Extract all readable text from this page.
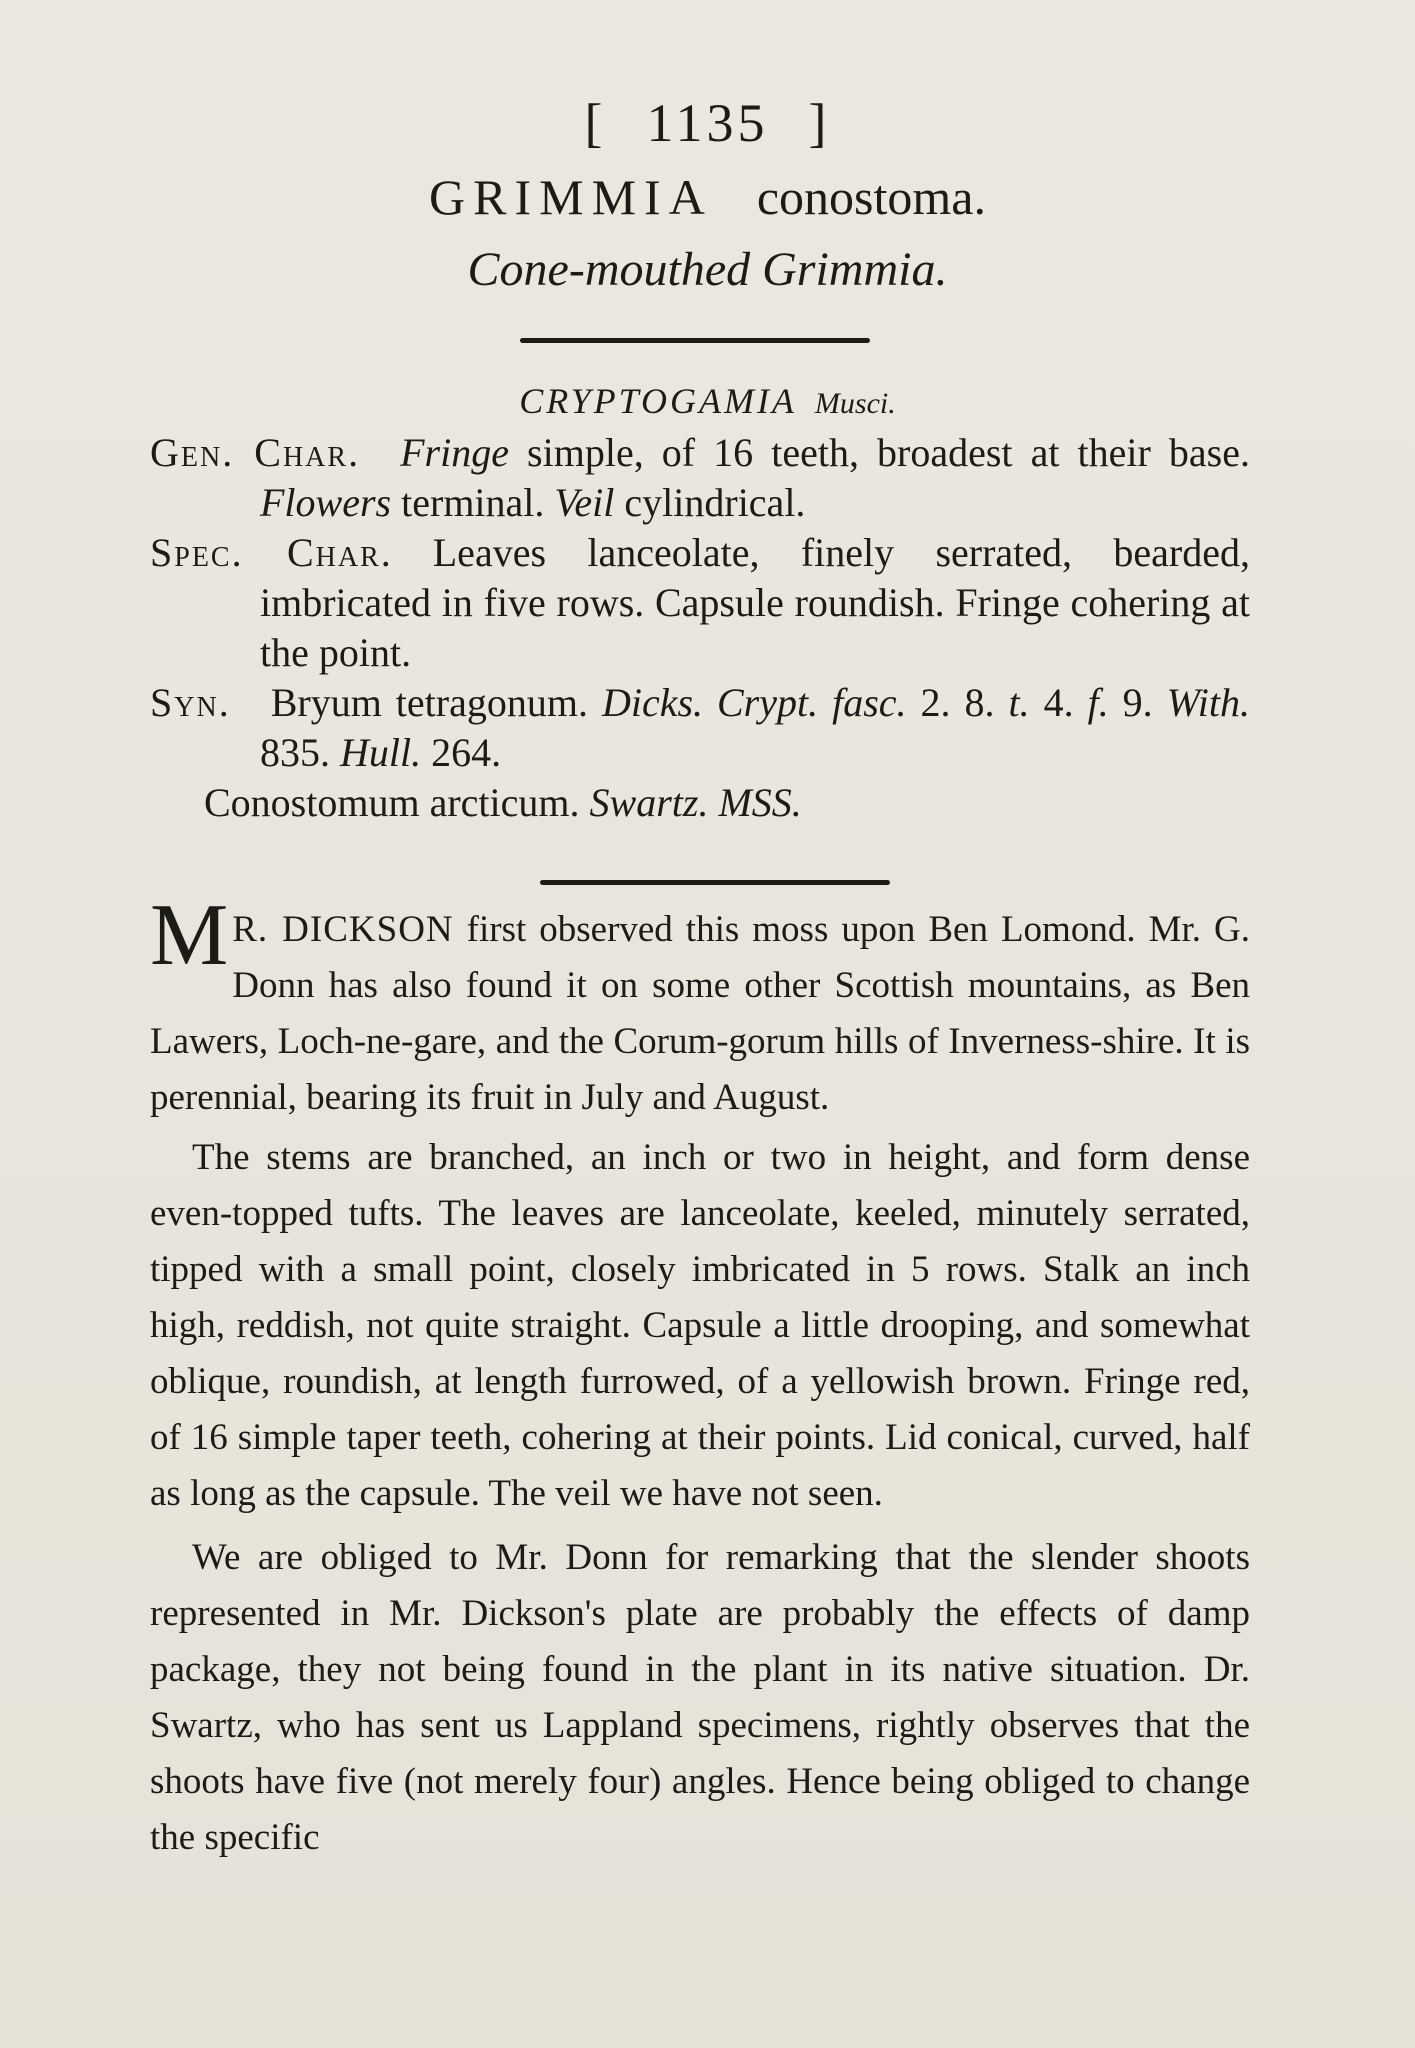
[ 1135 ]
GRIMMIA conostoma.
Cone-mouthed Grimmia.
CRYPTOGAMIA Musci.

Gen. Char. Fringe simple, of 16 teeth, broadest at their base. Flowers terminal. Veil cylindrical.

Spec. Char. Leaves lanceolate, finely serrated, bearded, imbricated in five rows. Capsule roundish. Fringe cohering at the point.

Syn. Bryum tetragonum. Dicks. Crypt. fasc. 2. 8. t. 4. f. 9. With. 835. Hull. 264.

Conostomum arcticum. Swartz. MSS.

M R. DICKSON first observed this moss upon Ben Lomond. Mr. G. Donn has also found it on some other Scottish mountains, as Ben Lawers, Loch-ne-gare, and the Corum-gorum hills of Inverness-shire. It is perennial, bearing its fruit in July and August.

The stems are branched, an inch or two in height, and form dense even-topped tufts. The leaves are lanceolate, keeled, minutely serrated, tipped with a small point, closely imbricated in 5 rows. Stalk an inch high, reddish, not quite straight. Capsule a little drooping, and somewhat oblique, roundish, at length furrowed, of a yellowish brown. Fringe red, of 16 simple taper teeth, cohering at their points. Lid conical, curved, half as long as the capsule. The veil we have not seen.

We are obliged to Mr. Donn for remarking that the slender shoots represented in Mr. Dickson's plate are probably the effects of damp package, they not being found in the plant in its native situation. Dr. Swartz, who has sent us Lappland specimens, rightly observes that the shoots have five (not merely four) angles. Hence being obliged to change the specific
